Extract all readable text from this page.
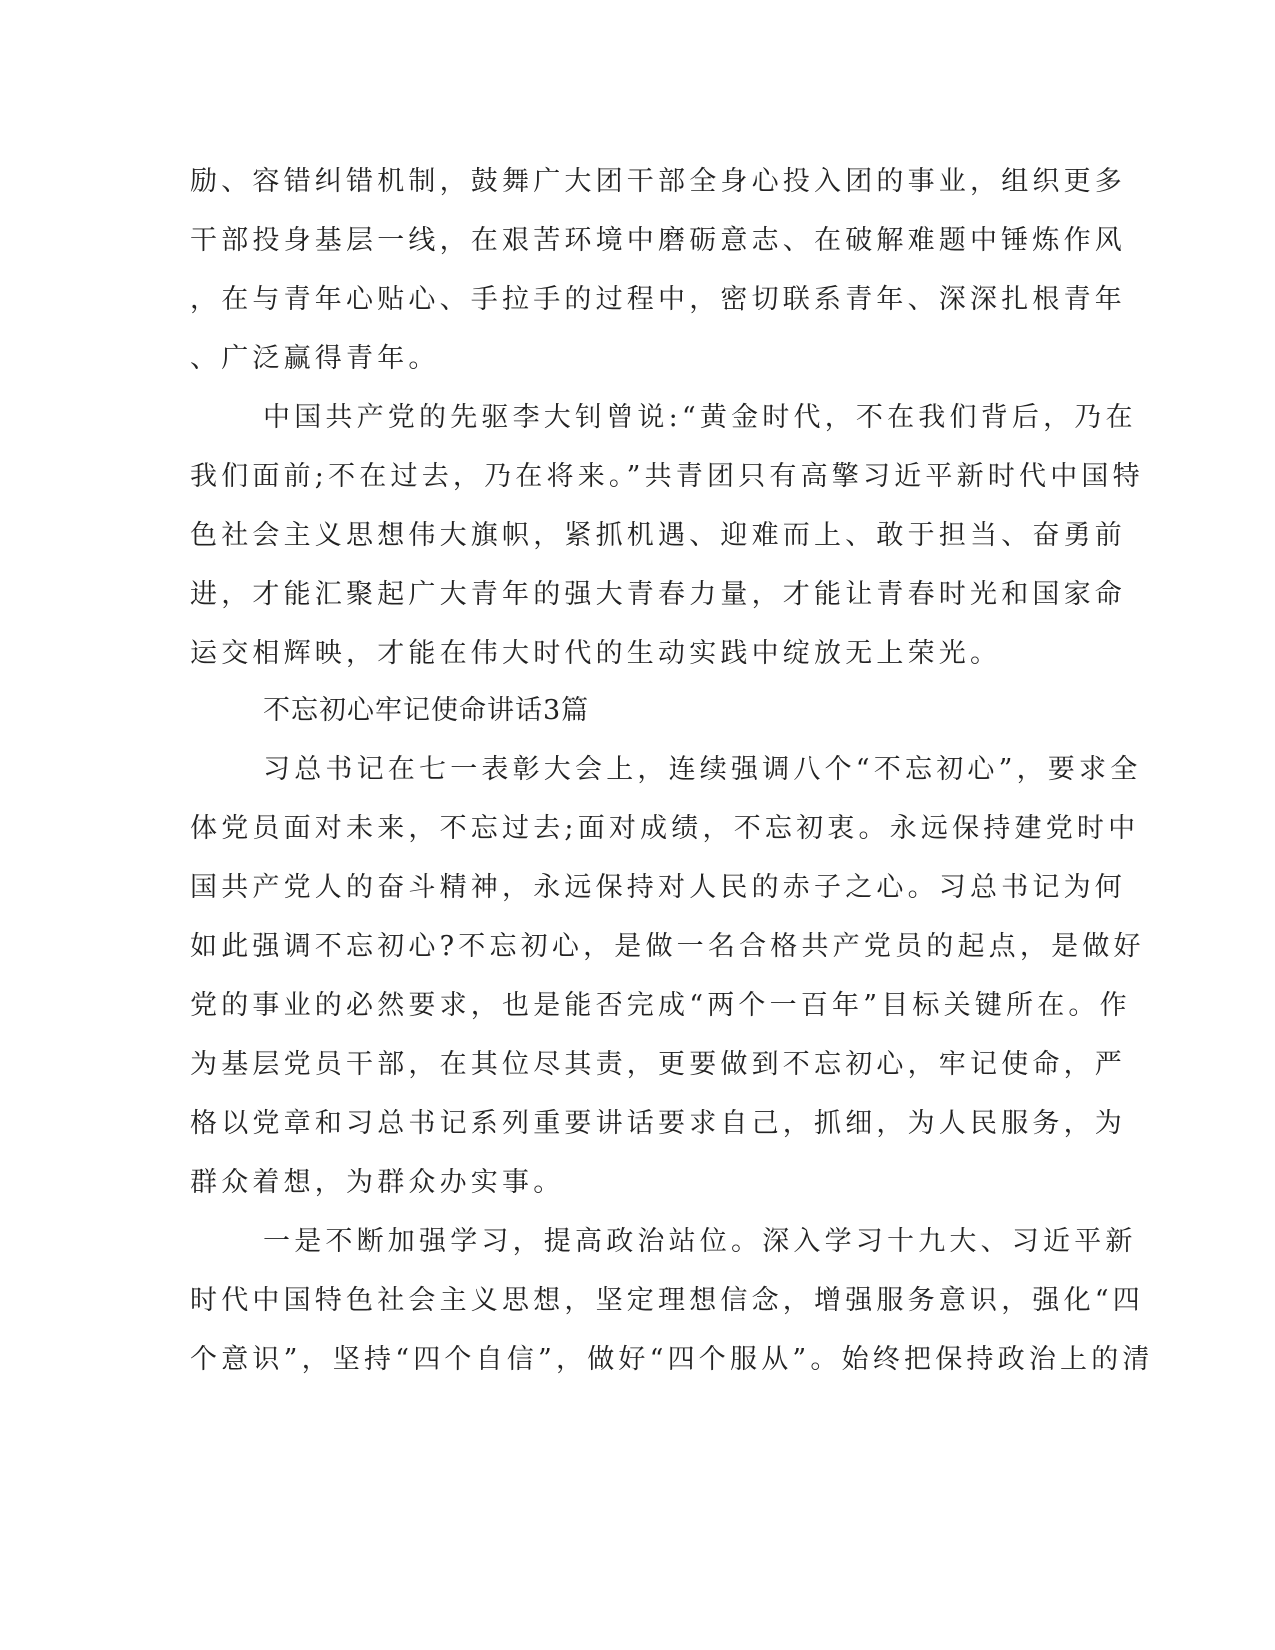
励、容错纠错机制，鼓舞广大团干部全身心投入团的事业，组织更多
干部投身基层一线，在艰苦环境中磨砺意志、在破解难题中锤炼作风
，在与青年心贴心、手拉手的过程中，密切联系青年、深深扎根青年
、广泛赢得青年。
中国共产党的先驱李大钊曾说:“黄金时代，不在我们背后，乃在
我们面前;不在过去，乃在将来。”共青团只有高擎习近平新时代中国特
色社会主义思想伟大旗帜，紧抓机遇、迎难而上、敢于担当、奋勇前
进，才能汇聚起广大青年的强大青春力量，才能让青春时光和国家命
运交相辉映，才能在伟大时代的生动实践中绽放无上荣光。
不忘初心牢记使命讲话3篇
习总书记在七一表彰大会上，连续强调八个“不忘初心”，要求全
体党员面对未来，不忘过去;面对成绩，不忘初衷。永远保持建党时中
国共产党人的奋斗精神，永远保持对人民的赤子之心。习总书记为何
如此强调不忘初心?不忘初心，是做一名合格共产党员的起点，是做好
党的事业的必然要求，也是能否完成“两个一百年”目标关键所在。作
为基层党员干部，在其位尽其责，更要做到不忘初心，牢记使命，严
格以党章和习总书记系列重要讲话要求自己，抓细，为人民服务，为
群众着想，为群众办实事。
一是不断加强学习，提高政治站位。深入学习十九大、习近平新
时代中国特色社会主义思想，坚定理想信念，增强服务意识，强化“四
个意识”，坚持“四个自信”，做好“四个服从”。始终把保持政治上的清
